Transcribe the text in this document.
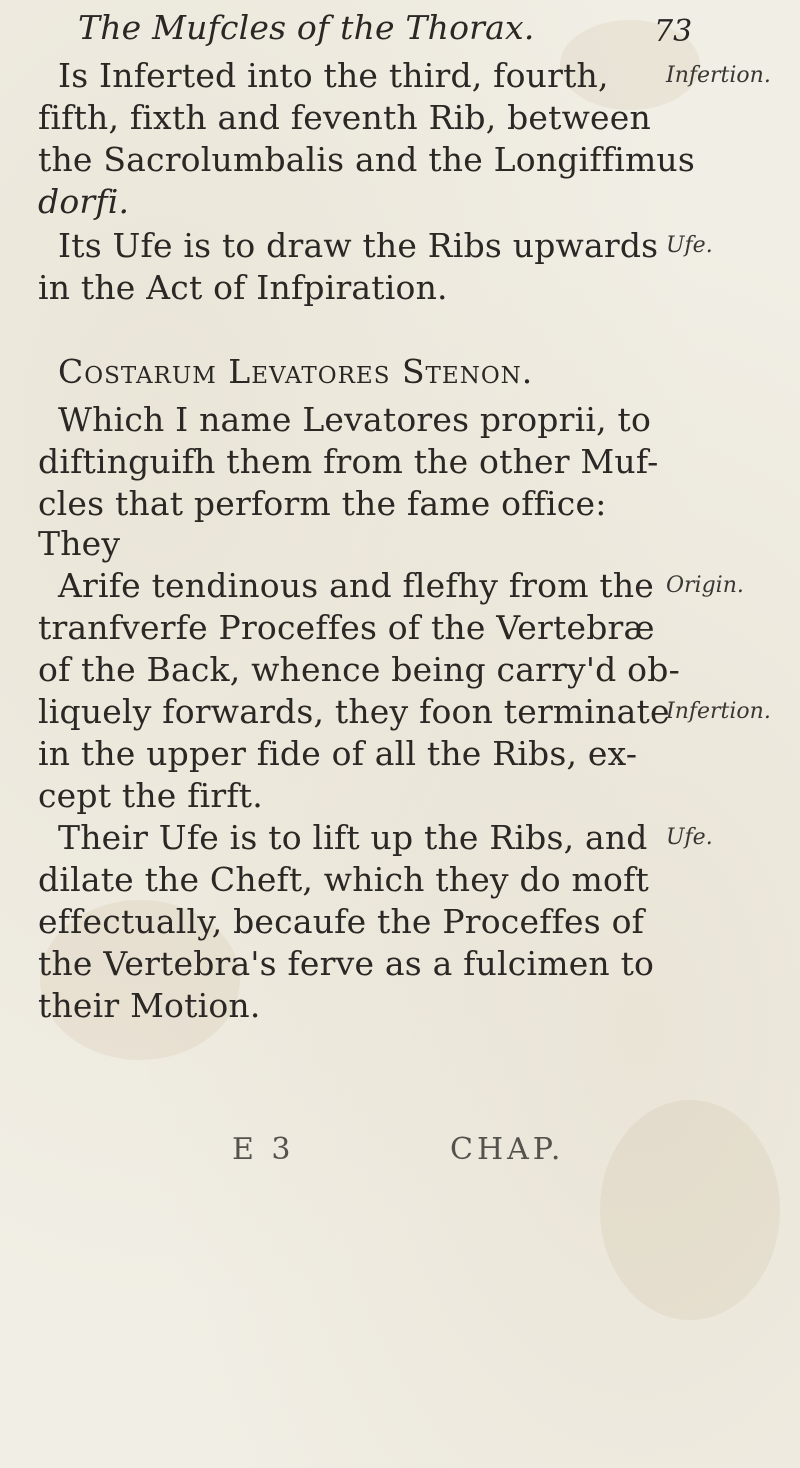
The Mufcles of the Thorax.	73
Is Inferted into the third, fourth,
fifth, fixth and feventh Rib, between
the Sacrolumbalis and the Longiffimus
dorfi.
Its Ufe is to draw the Ribs upwards
in the Act of Infpiration.
Infertion.
Ufe.
Costarum Levatores Stenon.
Which I name Levatores proprii, to
diftinguifh them from the other Muf-
cles that perform the fame office:
They
Arife tendinous and flefhy from the
tranfverfe Proceffes of the Vertebræ
of the Back, whence being carry'd ob-
liquely forwards, they foon terminate
in the upper fide of all the Ribs, ex-
cept the firft.
Their Ufe is to lift up the Ribs, and
dilate the Cheft, which they do moft
effectually, becaufe the Proceffes of
the Vertebra's ferve as a fulcimen to
their Motion.
Origin.
Infertion.
Ufe.
E 3	CHAP.
